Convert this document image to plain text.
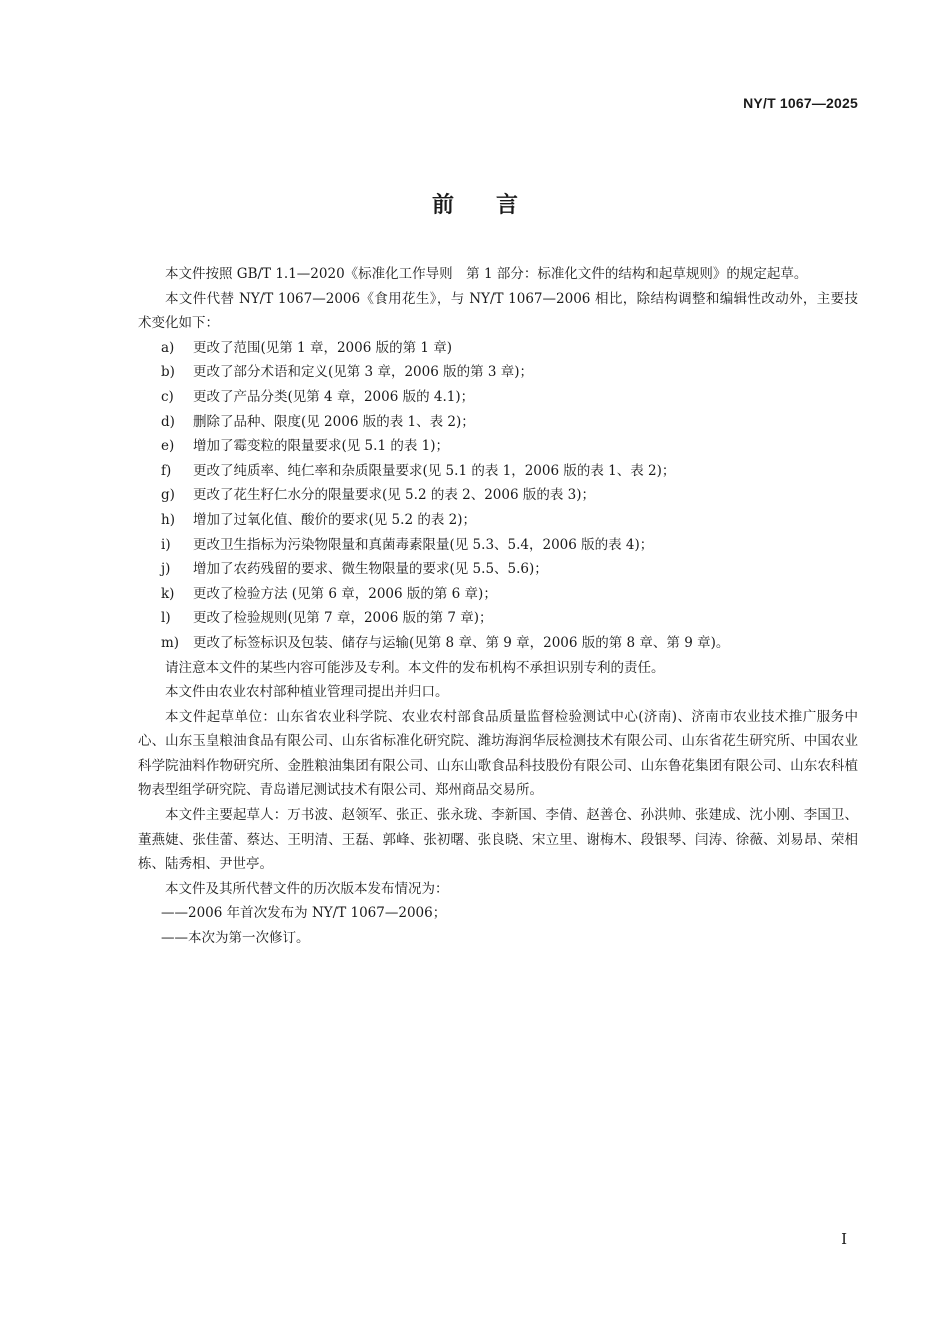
NY/T 1067—2025
前言

本文件按照 GB/T 1.1—2020《标准化工作导则　第 1 部分：标准化文件的结构和起草规则》的规定起草。

本文件代替 NY/T 1067—2006《食用花生》，与 NY/T 1067—2006 相比，除结构调整和编辑性改动外，主要技术变化如下：

a)	更改了范围(见第 1 章，2006 版的第 1 章)
b)	更改了部分术语和定义(见第 3 章，2006 版的第 3 章)；
c)	更改了产品分类(见第 4 章，2006 版的 4.1)；
d)	删除了品种、限度(见 2006 版的表 1、表 2)；
e)	增加了霉变粒的限量要求(见 5.1 的表 1)；
f)	更改了纯质率、纯仁率和杂质限量要求(见 5.1 的表 1，2006 版的表 1、表 2)；
g)	更改了花生籽仁水分的限量要求(见 5.2 的表 2、2006 版的表 3)；
h)	增加了过氧化值、酸价的要求(见 5.2 的表 2)；
i)	更改卫生指标为污染物限量和真菌毒素限量(见 5.3、5.4，2006 版的表 4)；
j)	增加了农药残留的要求、微生物限量的要求(见 5.5、5.6)；
k)	更改了检验方法 (见第 6 章，2006 版的第 6 章)；
l)	更改了检验规则(见第 7 章，2006 版的第 7 章)；
m)	更改了标签标识及包装、储存与运输(见第 8 章、第 9 章，2006 版的第 8 章、第 9 章)。

请注意本文件的某些内容可能涉及专利。本文件的发布机构不承担识别专利的责任。

本文件由农业农村部种植业管理司提出并归口。

本文件起草单位：山东省农业科学院、农业农村部食品质量监督检验测试中心(济南)、济南市农业技术推广服务中心、山东玉皇粮油食品有限公司、山东省标准化研究院、潍坊海润华辰检测技术有限公司、山东省花生研究所、中国农业科学院油料作物研究所、金胜粮油集团有限公司、山东山歌食品科技股份有限公司、山东鲁花集团有限公司、山东农科植物表型组学研究院、青岛谱尼测试技术有限公司、郑州商品交易所。

本文件主要起草人：万书波、赵领军、张正、张永珑、李新国、李倩、赵善仓、孙洪帅、张建成、沈小刚、李国卫、董燕婕、张佳蕾、蔡达、王明清、王磊、郭峰、张初曙、张良晓、宋立里、谢梅木、段银琴、闫涛、徐薇、刘易昂、荣相栋、陆秀相、尹世亭。

本文件及其所代替文件的历次版本发布情况为：

——2006 年首次发布为 NY/T 1067—2006；

——本次为第一次修订。

I
